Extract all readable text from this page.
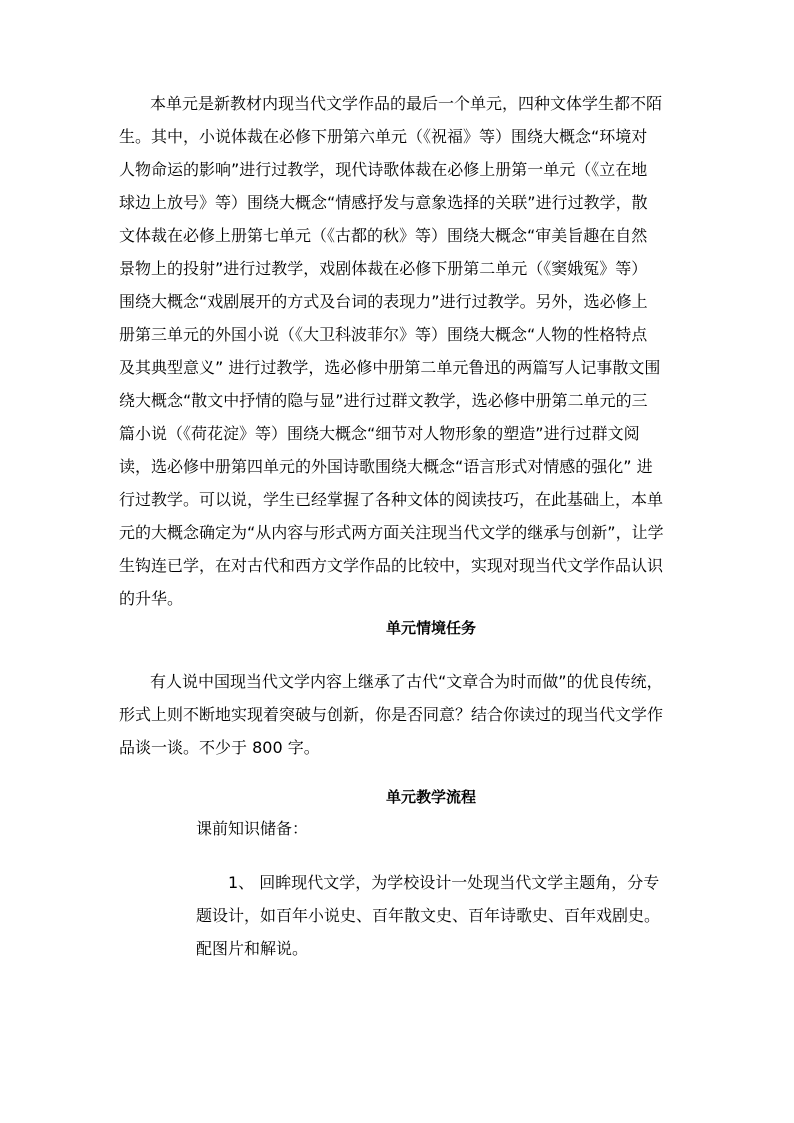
本单元是新教材内现当代文学作品的最后一个单元，四种文体学生都不陌
生。其中，小说体裁在必修下册第六单元（《祝福》等）围绕大概念“环境对
人物命运的影响”进行过教学，现代诗歌体裁在必修上册第一单元（《立在地
球边上放号》等）围绕大概念“情感抒发与意象选择的关联”进行过教学，散
文体裁在必修上册第七单元（《古都的秋》等）围绕大概念“审美旨趣在自然
景物上的投射”进行过教学，戏剧体裁在必修下册第二单元（《窦娥冤》等）
围绕大概念“戏剧展开的方式及台词的表现力”进行过教学。另外，选必修上
册第三单元的外国小说（《大卫科波菲尔》等）围绕大概念“人物的性格特点
及其典型意义” 进行过教学，选必修中册第二单元鲁迅的两篇写人记事散文围
绕大概念“散文中抒情的隐与显”进行过群文教学，选必修中册第二单元的三
篇小说（《荷花淀》等）围绕大概念“细节对人物形象的塑造”进行过群文阅
读，选必修中册第四单元的外国诗歌围绕大概念“语言形式对情感的强化” 进
行过教学。可以说，学生已经掌握了各种文体的阅读技巧，在此基础上，本单
元的大概念确定为“从内容与形式两方面关注现当代文学的继承与创新”，让学
生钩连已学，在对古代和西方文学作品的比较中，实现对现当代文学作品认识
的升华。
单元情境任务
有人说中国现当代文学内容上继承了古代“文章合为时而做”的优良传统，
形式上则不断地实现着突破与创新，你是否同意？结合你读过的现当代文学作
品谈一谈。不少于 800 字。
单元教学流程
课前知识储备：
1、 回眸现代文学，为学校设计一处现当代文学主题角，分专
题设计，如百年小说史、百年散文史、百年诗歌史、百年戏剧史。
配图片和解说。
